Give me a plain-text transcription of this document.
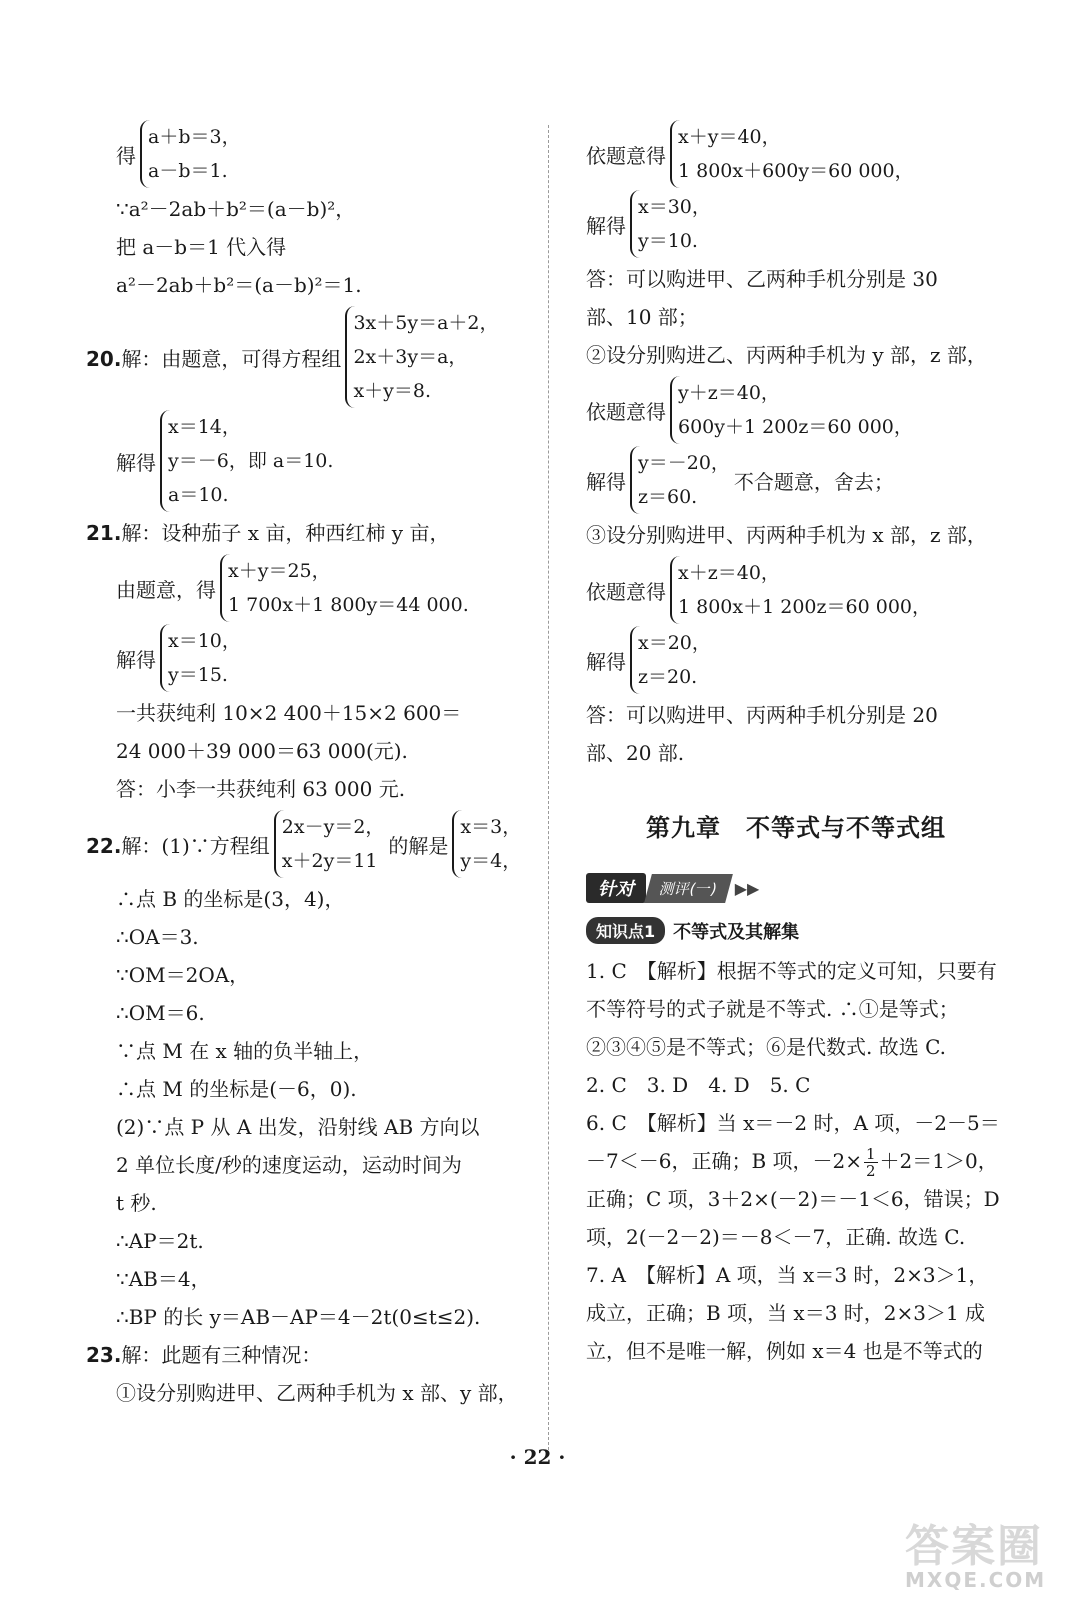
得
a＋b＝3，
a－b＝1.
∵a²－2ab＋b²＝(a－b)²，
把 a－b＝1 代入得
a²－2ab＋b²＝(a－b)²＝1.
20.解：由题意，可得方程组
3x＋5y＝a＋2，
2x＋3y＝a，
x＋y＝8.
解得
x＝14，
y＝－6，即 a＝10.
a＝10.
21.解：设种茄子 x 亩，种西红柿 y 亩，
由题意，得
x＋y＝25，
1 700x＋1 800y＝44 000.
解得
x＝10，
y＝15.
一共获纯利 10×2 400＋15×2 600＝
24 000＋39 000＝63 000(元).
答：小李一共获纯利 63 000 元.
22.解：(1)∵方程组
2x－y＝2，
x＋2y＝11
的解是
x＝3，
y＝4，
∴点 B 的坐标是(3，4)，
∴OA＝3.
∵OM＝2OA，
∴OM＝6.
∵点 M 在 x 轴的负半轴上，
∴点 M 的坐标是(－6，0).
(2)∵点 P 从 A 出发，沿射线 AB 方向以
2 单位长度/秒的速度运动，运动时间为
t 秒.
∴AP＝2t.
∵AB＝4，
∴BP 的长 y＝AB－AP＝4－2t(0≤t≤2).
23.解：此题有三种情况：
①设分别购进甲、乙两种手机为 x 部、y 部，
依题意得
x＋y＝40，
1 800x＋600y＝60 000，
解得
x＝30，
y＝10.
答：可以购进甲、乙两种手机分别是 30
部、10 部；
②设分别购进乙、丙两种手机为 y 部，z 部，
依题意得
y＋z＝40，
600y＋1 200z＝60 000，
解得
y＝－20，
z＝60.
不合题意，舍去；
③设分别购进甲、丙两种手机为 x 部，z 部，
依题意得
x＋z＝40，
1 800x＋1 200z＝60 000，
解得
x＝20，
z＝20.
答：可以购进甲、丙两种手机分别是 20
部、20 部.
第九章　不等式与不等式组
针对	测评(一) ▶▶
知识点1	不等式及其解集
1. C　【解析】根据不等式的定义可知，只要有不等符号的式子就是不等式. ∴①是等式；②③④⑤是不等式；⑥是代数式. 故选 C.
2. C　3. D　4. D　5. C
6. C　【解析】当 x＝－2 时，A 项，－2－5＝
－7＜－6，正确；B 项，$-2\times \frac{1}{2} +2=1>0$，
正确；C 项，3＋2×(－2)＝－1＜6，错误；D
项，2(－2－2)＝－8＜－7，正确. 故选 C.
7. A　【解析】A 项，当 x＝3 时，2×3＞1，成立，正确；B 项，当 x＝3 时，2×3＞1 成立，但不是唯一解，例如 x＝4 也是不等式的
· 22 ·
答案圈
MXQE.COM
